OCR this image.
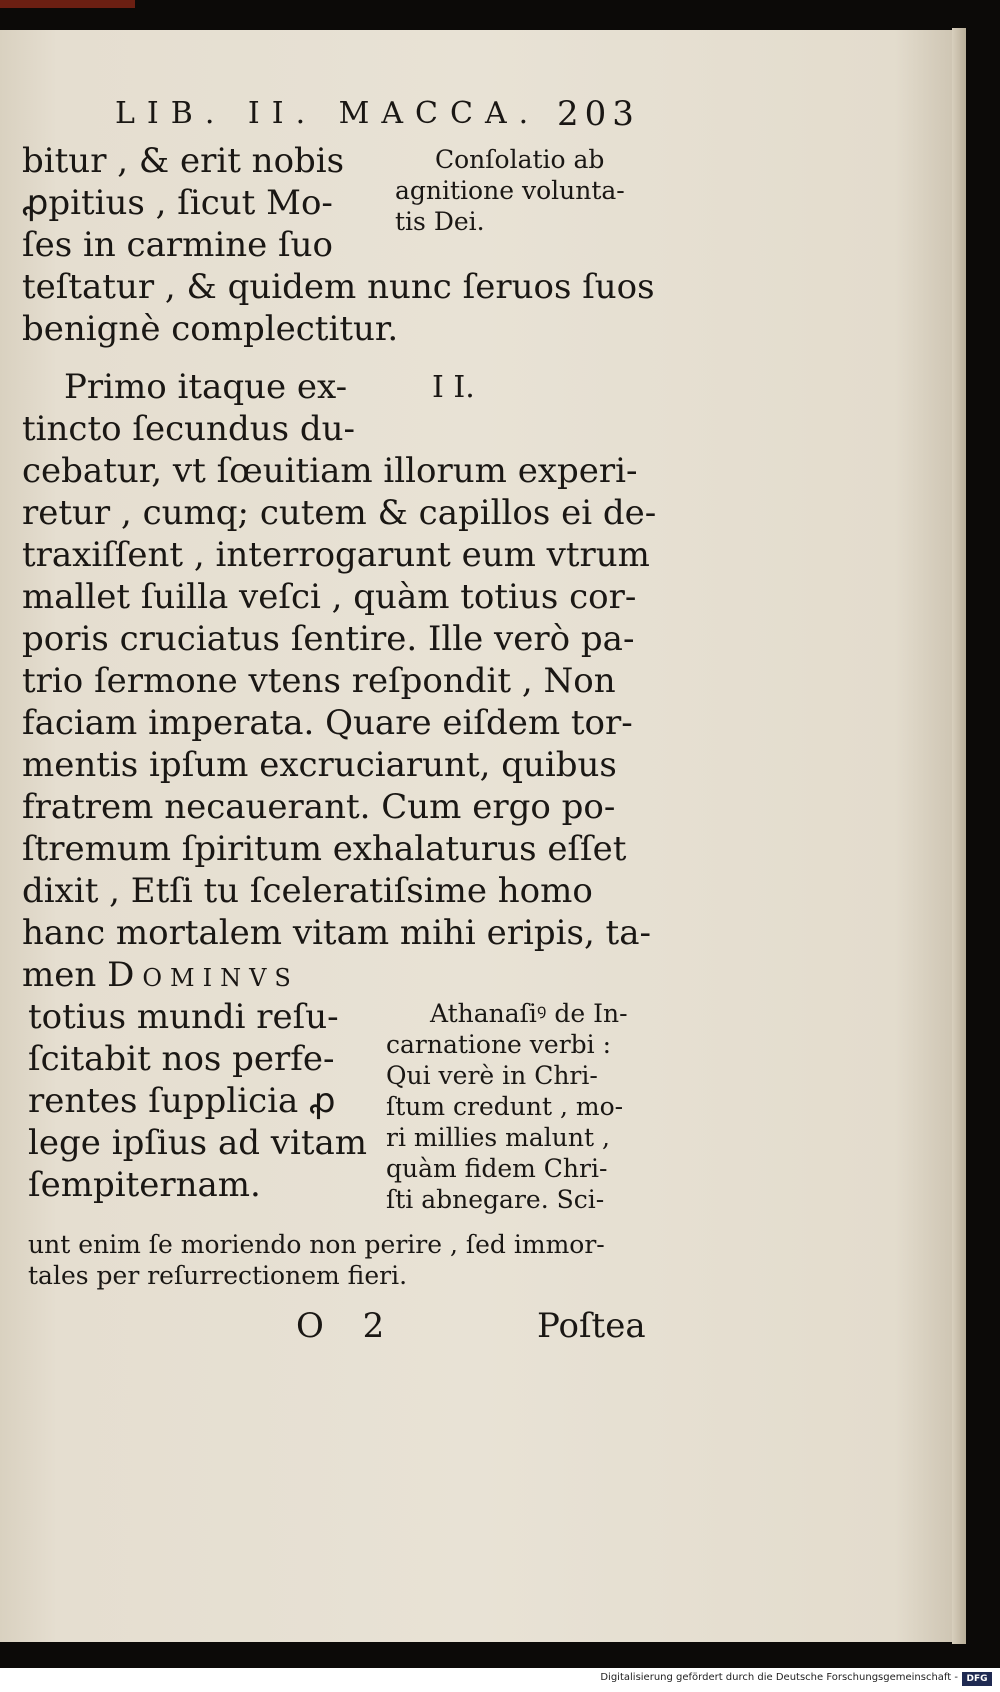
LIB. II. MACCA. 203

bitur , & erit nobis
ꝓpitius , ſicut Mo-
ſes in carmine ſuo
teſtatur , & quidem nunc ſeruos ſuos
benignè complectitur.
Conſolatio ab
agnitione volunta-
tis Dei.

I I.

Primo itaque ex-
tincto ſecundus du-
cebatur, vt ſœuitiam illorum experi-
retur , cumq; cutem & capillos ei de-
traxiſſent , interrogarunt eum vtrum
mallet ſuilla veſci , quàm totius cor-
poris cruciatus ſentire. Ille verò pa-
trio ſermone vtens reſpondit , Non
faciam imperata. Quare eiſdem tor-
mentis ipſum excruciarunt, quibus
fratrem necauerant. Cum ergo po-
ſtremum ſpiritum exhalaturus eſſet
dixit , Etſi tu ſceleratiſsime homo
hanc mortalem vitam mihi eripis, ta-
men Dominvs
totius mundi reſu-
ſcitabit nos perfe-
rentes ſupplicia ꝓ
lege ipſius ad vitam
ſempiternam.
Athanaſiꝰ de In-
carnatione verbi :
Qui verè in Chri-
ſtum credunt , mo-
ri millies malunt ,
quàm fidem Chri-
ſti abnegare. Sci-
unt enim ſe moriendo non perire , ſed immor-
tales per reſurrectionem fieri.

O 2	Poſtea

Digitalisierung gefördert durch die Deutsche Forschungsgemeinschaft - DFG
